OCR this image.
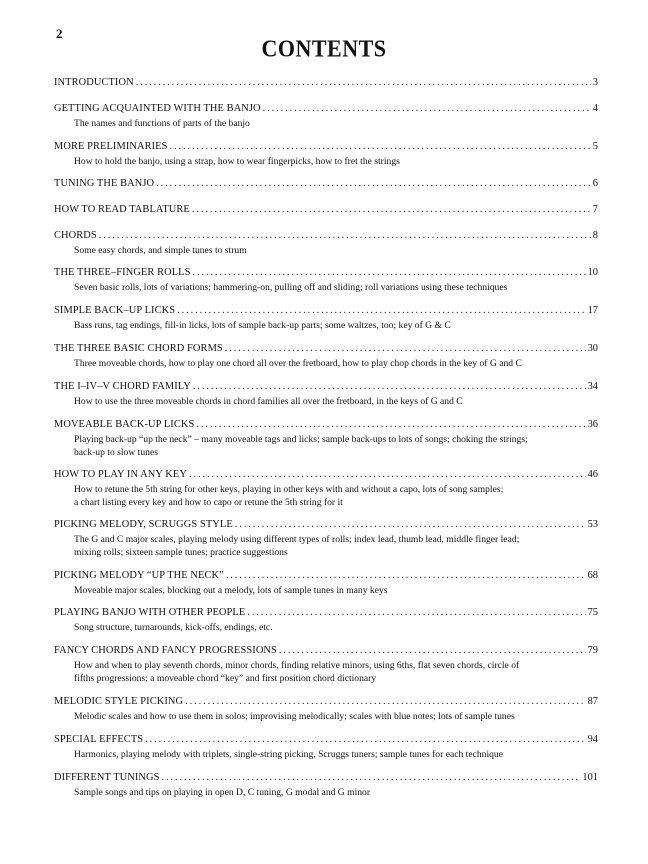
2
CONTENTS
INTRODUCTION .....	3
GETTING ACQUAINTED WITH THE BANJO .....	4
The names and functions of parts of the banjo
MORE PRELIMINARIES .....	5
How to hold the banjo, using a strap, how to wear fingerpicks, how to fret the strings
TUNING THE BANJO .....	6
HOW TO READ TABLATURE .....	7
CHORDS .....	8
Some easy chords, and simple tunes to strum
THE THREE–FINGER ROLLS .....	10
Seven basic rolls, lots of variations; hammering-on, pulling off and sliding; roll variations using these techniques
SIMPLE BACK–UP LICKS .....	17
Bass runs, tag endings, fill-in licks, lots of sample back-up parts; some waltzes, too; key of G & C
THE THREE BASIC CHORD FORMS .....	30
Three moveable chords, how to play one chord all over the fretboard, how to play chop chords in the key of G and C
THE I–IV–V CHORD FAMILY .....	34
How to use the three moveable chords in chord families all over the fretboard, in the keys of G and C
MOVEABLE BACK-UP LICKS .....	36
Playing back-up “up the neck” – many moveable tags and licks; sample back-ups to lots of songs; choking the strings;
back-up to slow tunes
HOW TO PLAY IN ANY KEY .....	46
How to retune the 5th string for other keys, playing in other keys with and without a capo, lots of song samples;
a chart listing every key and how to capo or retune the 5th string for it
PICKING MELODY, SCRUGGS STYLE .....	53
The G and C major scales, playing melody using different types of rolls; index lead, thumb lead, middle finger lead;
mixing rolls; sixteen sample tunes; practice suggestions
PICKING MELODY “UP THE NECK” .....	68
Moveable major scales, blocking out a melody, lots of sample tunes in many keys
PLAYING BANJO WITH OTHER PEOPLE .....	75
Song structure, turnarounds, kick-offs, endings, etc.
FANCY CHORDS AND FANCY PROGRESSIONS .....	79
How and when to play seventh chords, minor chords, finding relative minors, using 6ths, flat seven chords, circle of
fifths progressions; a moveable chord “key” and first position chord dictionary
MELODIC STYLE PICKING .....	87
Melodic scales and how to use them in solos; improvising melodically; scales with blue notes; lots of sample tunes
SPECIAL EFFECTS .....	94
Harmonics, playing melody with triplets, single-string picking, Scruggs tuners; sample tunes for each technique
DIFFERENT TUNINGS .....	101
Sample songs and tips on playing in open D, C tuning, G modal and G minor
